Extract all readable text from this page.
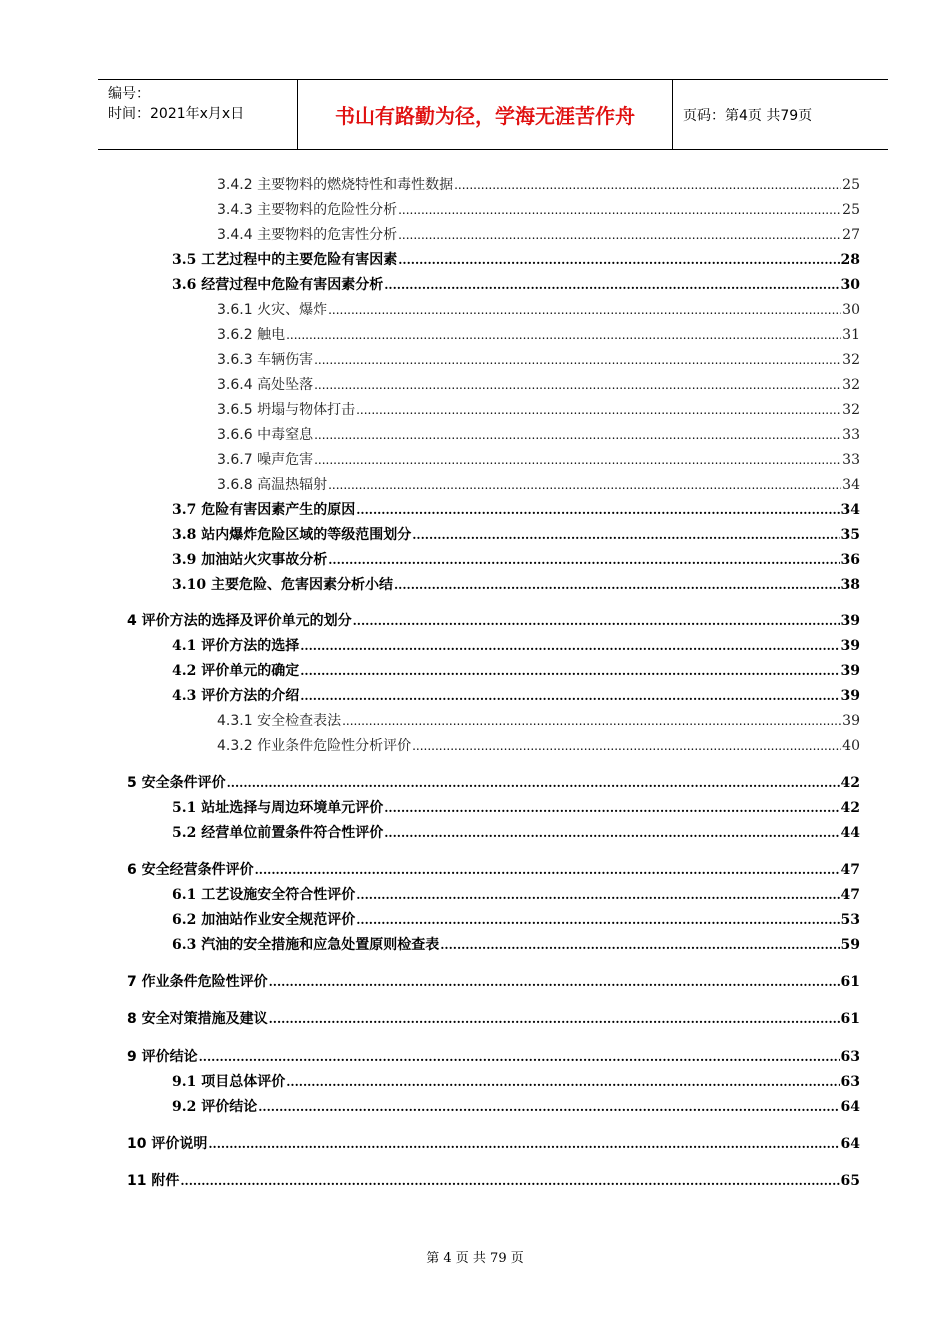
编号：
时间：2021年x月x日	书山有路勤为径，学海无涯苦作舟	页码：第4页 共79页
3.4.2 主要物料的燃烧特性和毒性数据 .....	25
3.4.3 主要物料的危险性分析 .....	25
3.4.4 主要物料的危害性分析 .....	27
3.5 工艺过程中的主要危险有害因素 .....	28
3.6 经营过程中危险有害因素分析 .....	30
3.6.1 火灾、爆炸 .....	30
3.6.2 触电 .....	31
3.6.3 车辆伤害 .....	32
3.6.4 高处坠落 .....	32
3.6.5 坍塌与物体打击 .....	32
3.6.6 中毒窒息 .....	33
3.6.7 噪声危害 .....	33
3.6.8 高温热辐射 .....	34
3.7 危险有害因素产生的原因 .....	34
3.8 站内爆炸危险区域的等级范围划分 .....	35
3.9 加油站火灾事故分析 .....	36
3.10 主要危险、危害因素分析小结 .....	38
4 评价方法的选择及评价单元的划分 .....	39
4.1 评价方法的选择 .....	39
4.2 评价单元的确定 .....	39
4.3 评价方法的介绍 .....	39
4.3.1 安全检查表法 .....	39
4.3.2 作业条件危险性分析评价 .....	40
5 安全条件评价 .....	42
5.1 站址选择与周边环境单元评价 .....	42
5.2 经营单位前置条件符合性评价 .....	44
6 安全经营条件评价 .....	47
6.1 工艺设施安全符合性评价 .....	47
6.2 加油站作业安全规范评价 .....	53
6.3 汽油的安全措施和应急处置原则检查表 .....	59
7 作业条件危险性评价 .....	61
8 安全对策措施及建议 .....	61
9 评价结论 .....	63
9.1 项目总体评价 .....	63
9.2 评价结论 .....	64
10 评价说明 .....	64
11 附件 .....	65
第 4 页 共 79 页
